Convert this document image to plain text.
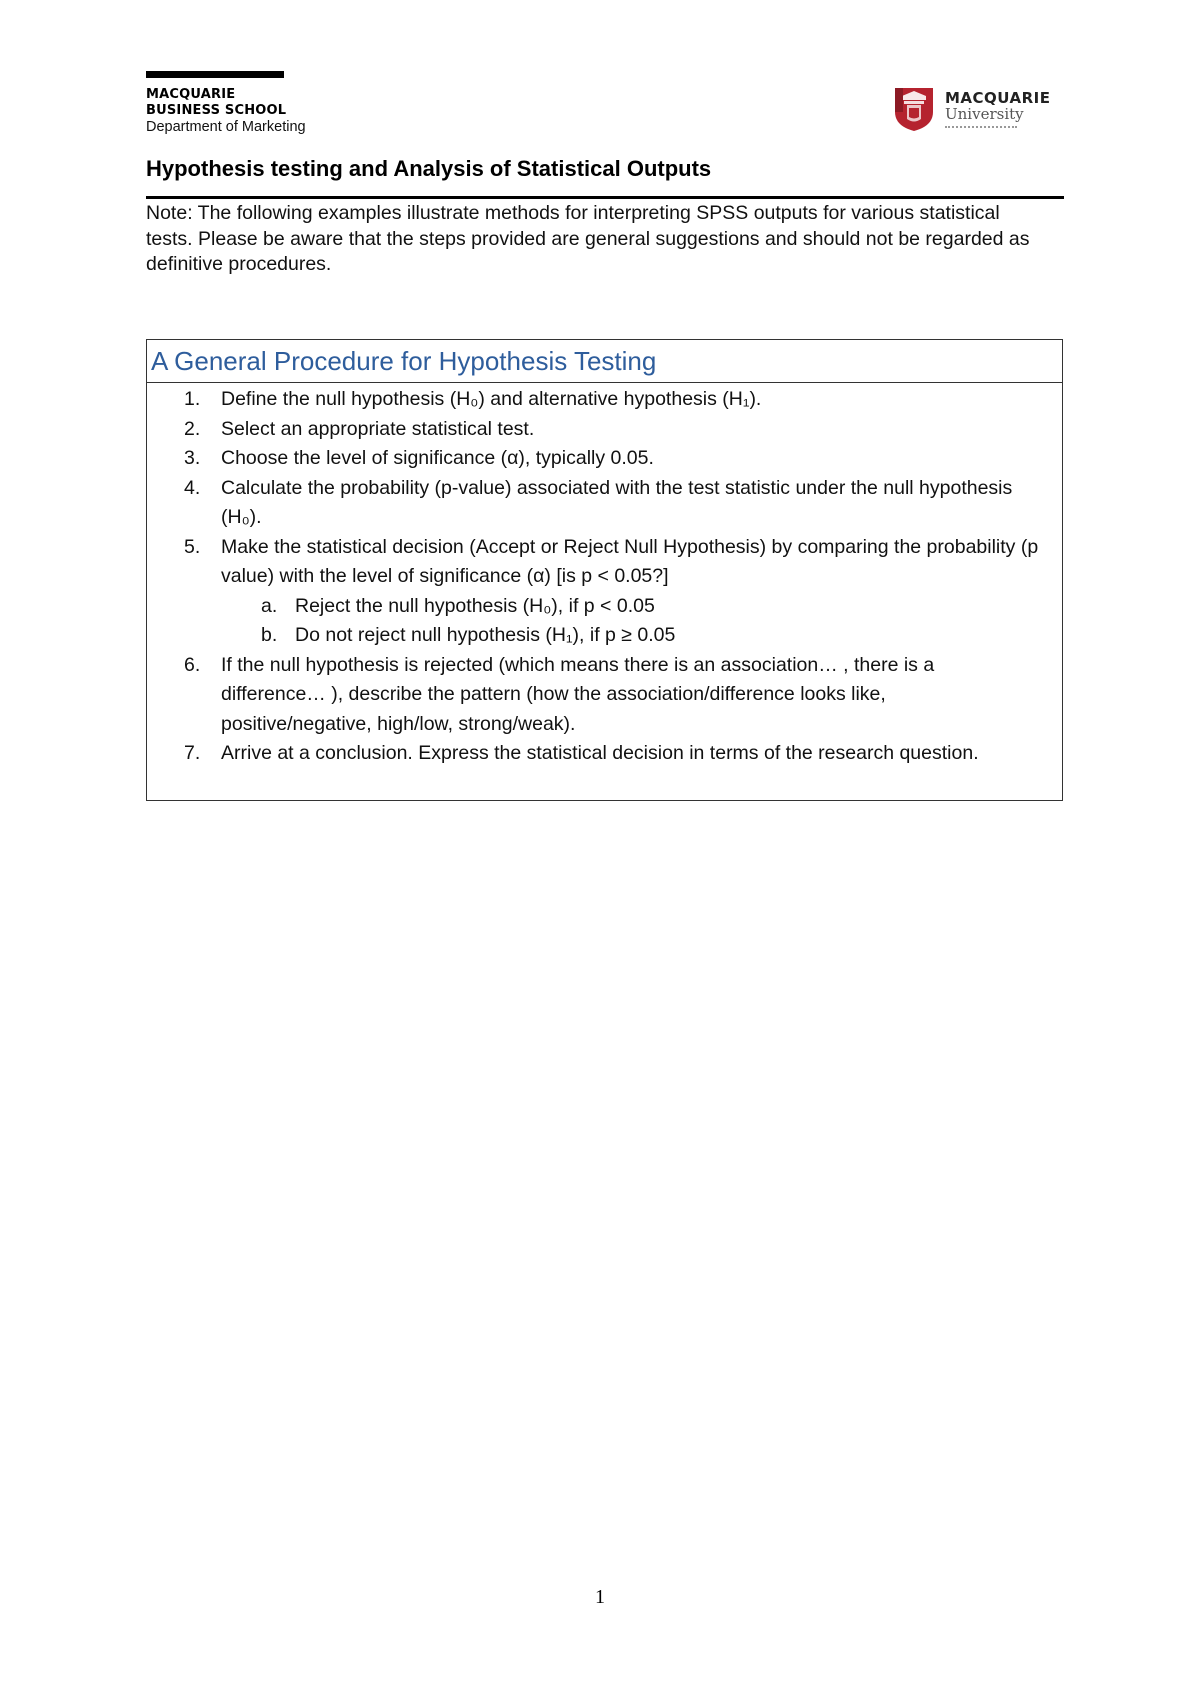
MACQUARIE
BUSINESS SCHOOL
Department of Marketing
MACQUARIE
University
Hypothesis testing and Analysis of Statistical Outputs

Note: The following examples illustrate methods for interpreting SPSS outputs for various statistical tests. Please be aware that the steps provided are general suggestions and should not be regarded as definitive procedures.

A General Procedure for Hypothesis Testing
1. Define the null hypothesis (H₀) and alternative hypothesis (H₁).
2. Select an appropriate statistical test.
3. Choose the level of significance (α), typically 0.05.
4. Calculate the probability (p-value) associated with the test statistic under the null hypothesis (H₀).
5. Make the statistical decision (Accept or Reject Null Hypothesis) by comparing the probability (p value) with the level of significance (α) [is p < 0.05?]
a. Reject the null hypothesis (H₀), if p < 0.05
b. Do not reject null hypothesis (H₁), if p ≥ 0.05
6. If the null hypothesis is rejected (which means there is an association… , there is a difference… ), describe the pattern (how the association/difference looks like, positive/negative, high/low, strong/weak).
7. Arrive at a conclusion. Express the statistical decision in terms of the research question.
1
